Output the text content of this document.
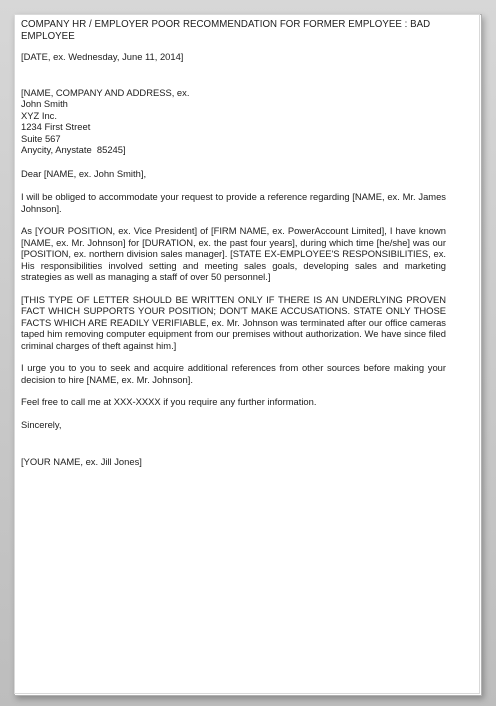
COMPANY HR / EMPLOYER POOR RECOMMENDATION FOR FORMER EMPLOYEE : BAD
EMPLOYEE
[DATE, ex. Wednesday, June 11, 2014]
[NAME, COMPANY AND ADDRESS, ex.
John Smith
XYZ Inc.
1234 First Street
Suite 567
Anycity, Anystate  85245]
Dear [NAME, ex. John Smith],
I will be obliged to accommodate your request to provide a reference regarding [NAME, ex. Mr. James Johnson].
As [YOUR POSITION, ex. Vice President] of [FIRM NAME, ex. PowerAccount Limited], I have known [NAME, ex. Mr. Johnson] for [DURATION, ex. the past four years], during which time [he/she] was our [POSITION, ex. northern division sales manager]. [STATE EX-EMPLOYEE'S RESPONSIBILITIES, ex. His responsibilities involved setting and meeting sales goals, developing sales and marketing strategies as well as managing a staff of over 50 personnel.]
[THIS TYPE OF LETTER SHOULD BE WRITTEN ONLY IF THERE IS AN UNDERLYING PROVEN FACT WHICH SUPPORTS YOUR POSITION; DON'T MAKE ACCUSATIONS. STATE ONLY THOSE FACTS WHICH ARE READILY VERIFIABLE, ex. Mr. Johnson was terminated after our office cameras taped him removing computer equipment from our premises without authorization. We have since filed criminal charges of theft against him.]
I urge you to you to seek and acquire additional references from other sources before making your decision to hire [NAME, ex. Mr. Johnson].
Feel free to call me at XXX-XXXX if you require any further information.
Sincerely,
[YOUR NAME, ex. Jill Jones]
